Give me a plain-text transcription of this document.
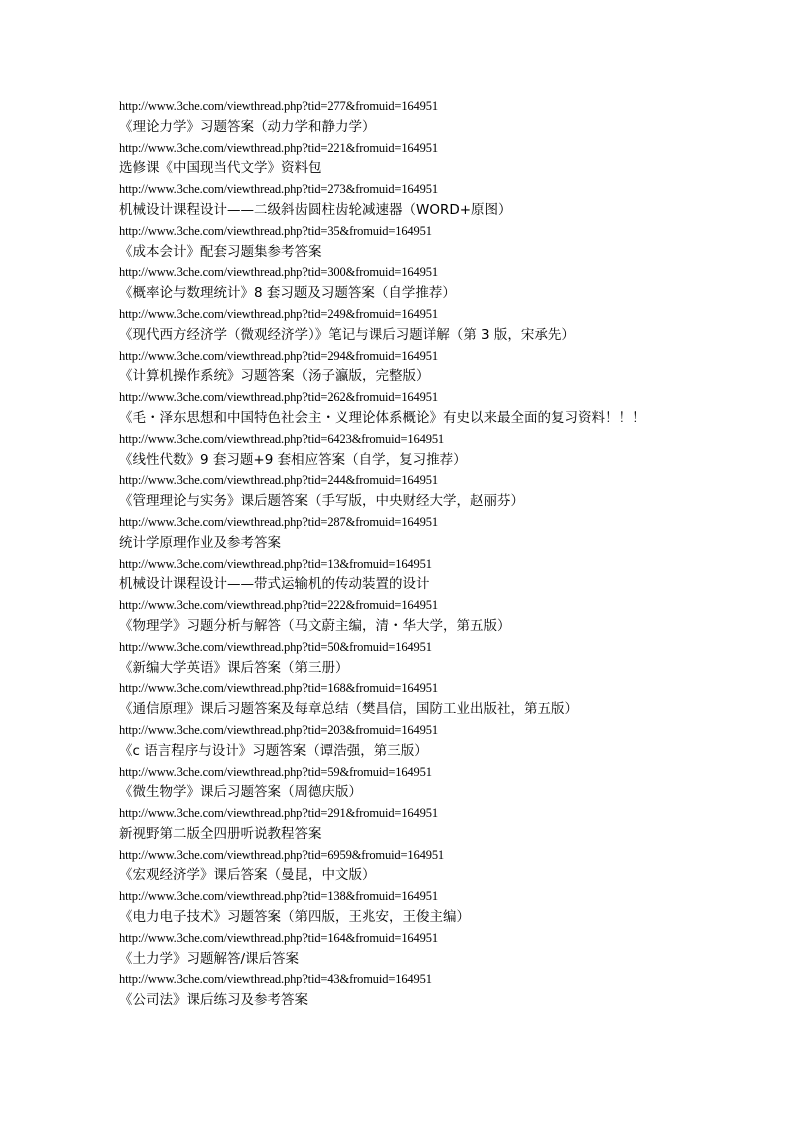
http://www.3che.com/viewthread.php?tid=277&fromuid=164951
《理论力学》习题答案（动力学和静力学）
http://www.3che.com/viewthread.php?tid=221&fromuid=164951
选修课《中国现当代文学》资料包
http://www.3che.com/viewthread.php?tid=273&fromuid=164951
机械设计课程设计——二级斜齿圆柱齿轮减速器（WORD+原图）
http://www.3che.com/viewthread.php?tid=35&fromuid=164951
《成本会计》配套习题集参考答案
http://www.3che.com/viewthread.php?tid=300&fromuid=164951
《概率论与数理统计》8 套习题及习题答案（自学推荐）
http://www.3che.com/viewthread.php?tid=249&fromuid=164951
《现代西方经济学（微观经济学）》笔记与课后习题详解（第 3 版，宋承先）
http://www.3che.com/viewthread.php?tid=294&fromuid=164951
《计算机操作系统》习题答案（汤子瀛版，完整版）
http://www.3che.com/viewthread.php?tid=262&fromuid=164951
《毛・泽东思想和中国特色社会主・义理论体系概论》有史以来最全面的复习资料！！！
http://www.3che.com/viewthread.php?tid=6423&fromuid=164951
《线性代数》9 套习题+9 套相应答案（自学，复习推荐）
http://www.3che.com/viewthread.php?tid=244&fromuid=164951
《管理理论与实务》课后题答案（手写版，中央财经大学，赵丽芬）
http://www.3che.com/viewthread.php?tid=287&fromuid=164951
统计学原理作业及参考答案
http://www.3che.com/viewthread.php?tid=13&fromuid=164951
机械设计课程设计——带式运输机的传动装置的设计
http://www.3che.com/viewthread.php?tid=222&fromuid=164951
《物理学》习题分析与解答（马文蔚主编，清・华大学，第五版）
http://www.3che.com/viewthread.php?tid=50&fromuid=164951
《新编大学英语》课后答案（第三册）
http://www.3che.com/viewthread.php?tid=168&fromuid=164951
《通信原理》课后习题答案及每章总结（樊昌信，国防工业出版社，第五版）
http://www.3che.com/viewthread.php?tid=203&fromuid=164951
《c 语言程序与设计》习题答案（谭浩强，第三版）
http://www.3che.com/viewthread.php?tid=59&fromuid=164951
《微生物学》课后习题答案（周德庆版）
http://www.3che.com/viewthread.php?tid=291&fromuid=164951
新视野第二版全四册听说教程答案
http://www.3che.com/viewthread.php?tid=6959&fromuid=164951
《宏观经济学》课后答案（曼昆，中文版）
http://www.3che.com/viewthread.php?tid=138&fromuid=164951
《电力电子技术》习题答案（第四版，王兆安，王俊主编）
http://www.3che.com/viewthread.php?tid=164&fromuid=164951
《土力学》习题解答/课后答案
http://www.3che.com/viewthread.php?tid=43&fromuid=164951
《公司法》课后练习及参考答案
